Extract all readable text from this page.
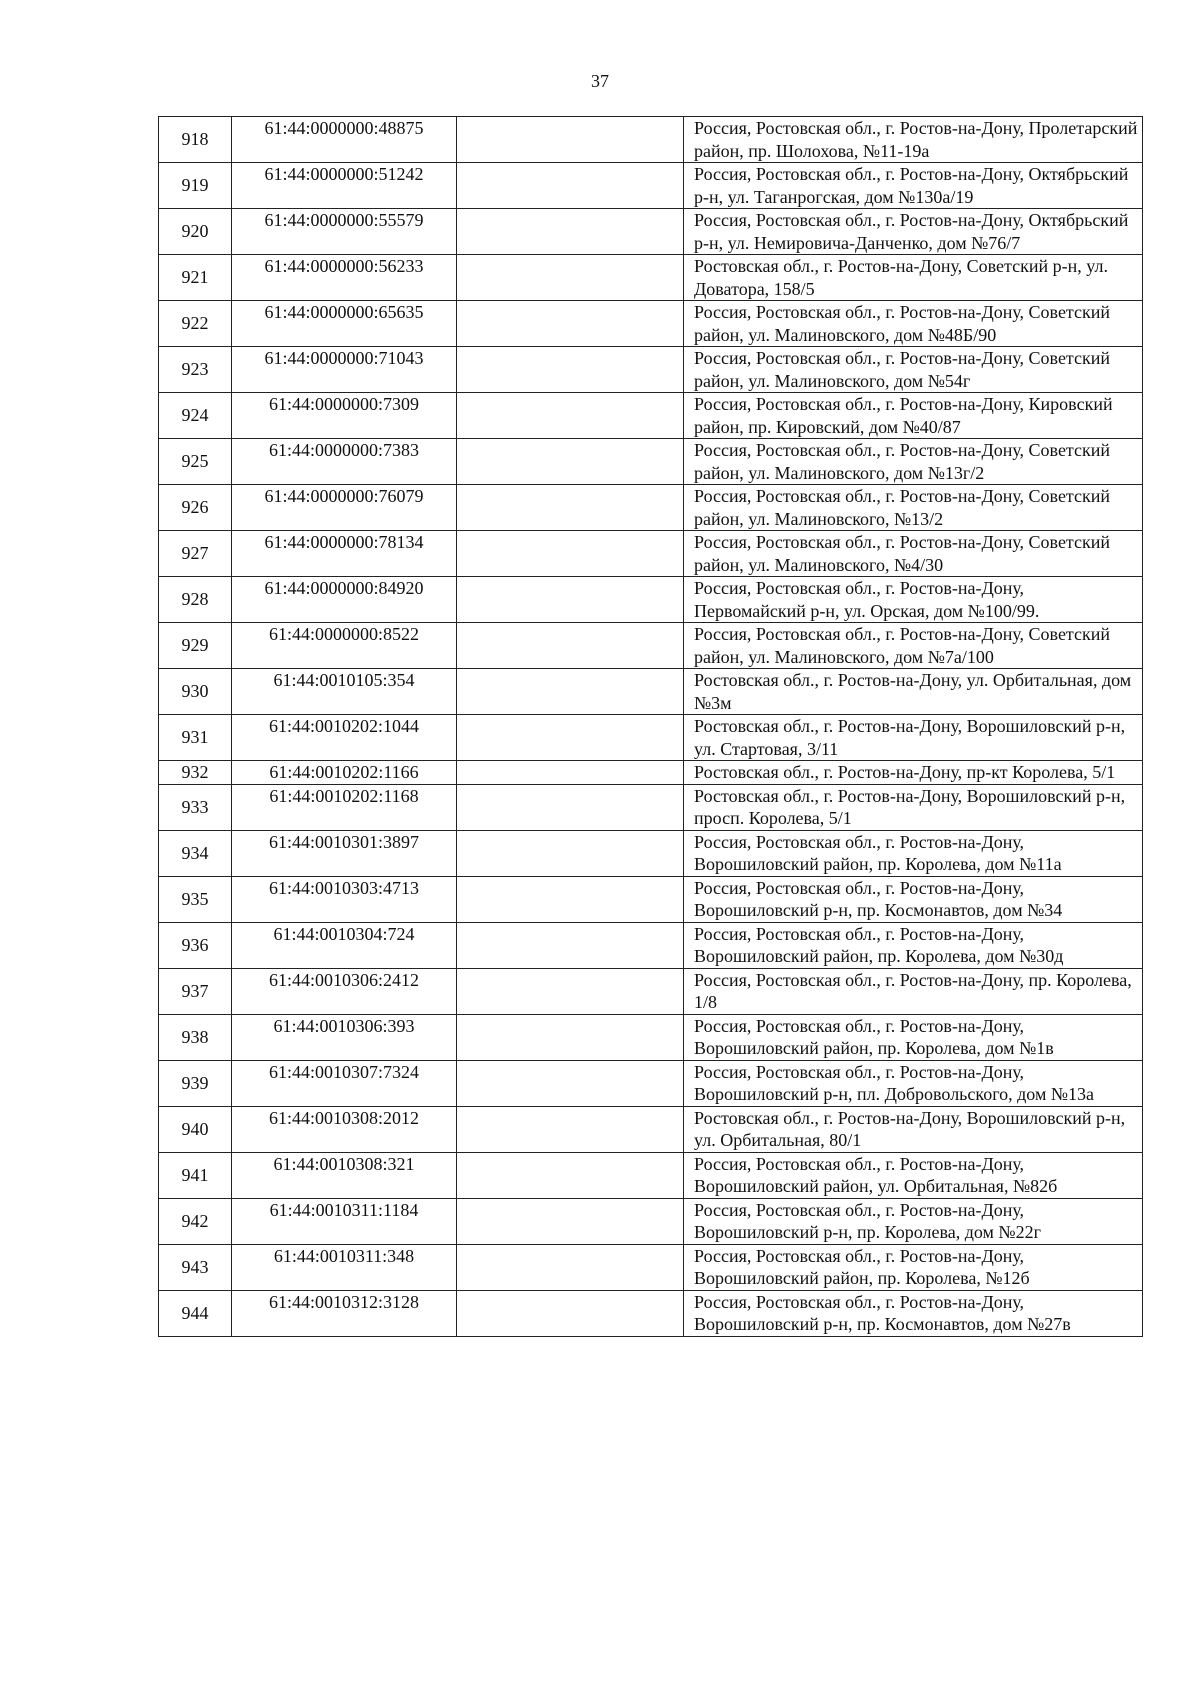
37
918	61:44:0000000:48875		Россия, Ростовская обл., г. Ростов-на-Дону, Пролетарский район, пр. Шолохова, №11-19а
919	61:44:0000000:51242		Россия, Ростовская обл., г. Ростов-на-Дону, Октябрьский р-н, ул. Таганрогская, дом №130а/19
920	61:44:0000000:55579		Россия, Ростовская обл., г. Ростов-на-Дону, Октябрьский р-н, ул. Немировича-Данченко, дом №76/7
921	61:44:0000000:56233		Ростовская обл., г. Ростов-на-Дону, Советский р-н, ул. Доватора, 158/5
922	61:44:0000000:65635		Россия, Ростовская обл., г. Ростов-на-Дону, Советский район, ул. Малиновского, дом №48Б/90
923	61:44:0000000:71043		Россия, Ростовская обл., г. Ростов-на-Дону, Советский район, ул. Малиновского, дом №54г
924	61:44:0000000:7309		Россия, Ростовская обл., г. Ростов-на-Дону, Кировский район, пр. Кировский, дом №40/87
925	61:44:0000000:7383		Россия, Ростовская обл., г. Ростов-на-Дону, Советский район, ул. Малиновского, дом №13г/2
926	61:44:0000000:76079		Россия, Ростовская обл., г. Ростов-на-Дону, Советский район, ул. Малиновского, №13/2
927	61:44:0000000:78134		Россия, Ростовская обл., г. Ростов-на-Дону, Советский район, ул. Малиновского, №4/30
928	61:44:0000000:84920		Россия, Ростовская обл., г. Ростов-на-Дону, Первомайский р-н, ул. Орская, дом №100/99.
929	61:44:0000000:8522		Россия, Ростовская обл., г. Ростов-на-Дону, Советский район, ул. Малиновского, дом №7а/100
930	61:44:0010105:354		Ростовская обл., г. Ростов-на-Дону, ул. Орбитальная, дом №3м
931	61:44:0010202:1044		Ростовская обл., г. Ростов-на-Дону, Ворошиловский р-н, ул. Стартовая, 3/11
932	61:44:0010202:1166		Ростовская обл., г. Ростов-на-Дону, пр-кт Королева, 5/1
933	61:44:0010202:1168		Ростовская обл., г. Ростов-на-Дону, Ворошиловский р-н, просп. Королева, 5/1
934	61:44:0010301:3897		Россия, Ростовская обл., г. Ростов-на-Дону, Ворошиловский район, пр. Королева, дом №11а
935	61:44:0010303:4713		Россия, Ростовская обл., г. Ростов-на-Дону, Ворошиловский р-н, пр. Космонавтов, дом №34
936	61:44:0010304:724		Россия, Ростовская обл., г. Ростов-на-Дону, Ворошиловский район, пр. Королева, дом №30д
937	61:44:0010306:2412		Россия, Ростовская обл., г. Ростов-на-Дону, пр. Королева, 1/8
938	61:44:0010306:393		Россия, Ростовская обл., г. Ростов-на-Дону, Ворошиловский район, пр. Королева, дом №1в
939	61:44:0010307:7324		Россия, Ростовская обл., г. Ростов-на-Дону, Ворошиловский р-н, пл. Добровольского, дом №13а
940	61:44:0010308:2012		Ростовская обл., г. Ростов-на-Дону, Ворошиловский р-н, ул. Орбитальная, 80/1
941	61:44:0010308:321		Россия, Ростовская обл., г. Ростов-на-Дону, Ворошиловский район, ул. Орбитальная, №82б
942	61:44:0010311:1184		Россия, Ростовская обл., г. Ростов-на-Дону, Ворошиловский р-н, пр. Королева, дом №22г
943	61:44:0010311:348		Россия, Ростовская обл., г. Ростов-на-Дону, Ворошиловский район, пр. Королева, №12б
944	61:44:0010312:3128		Россия, Ростовская обл., г. Ростов-на-Дону, Ворошиловский р-н, пр. Космонавтов, дом №27в
